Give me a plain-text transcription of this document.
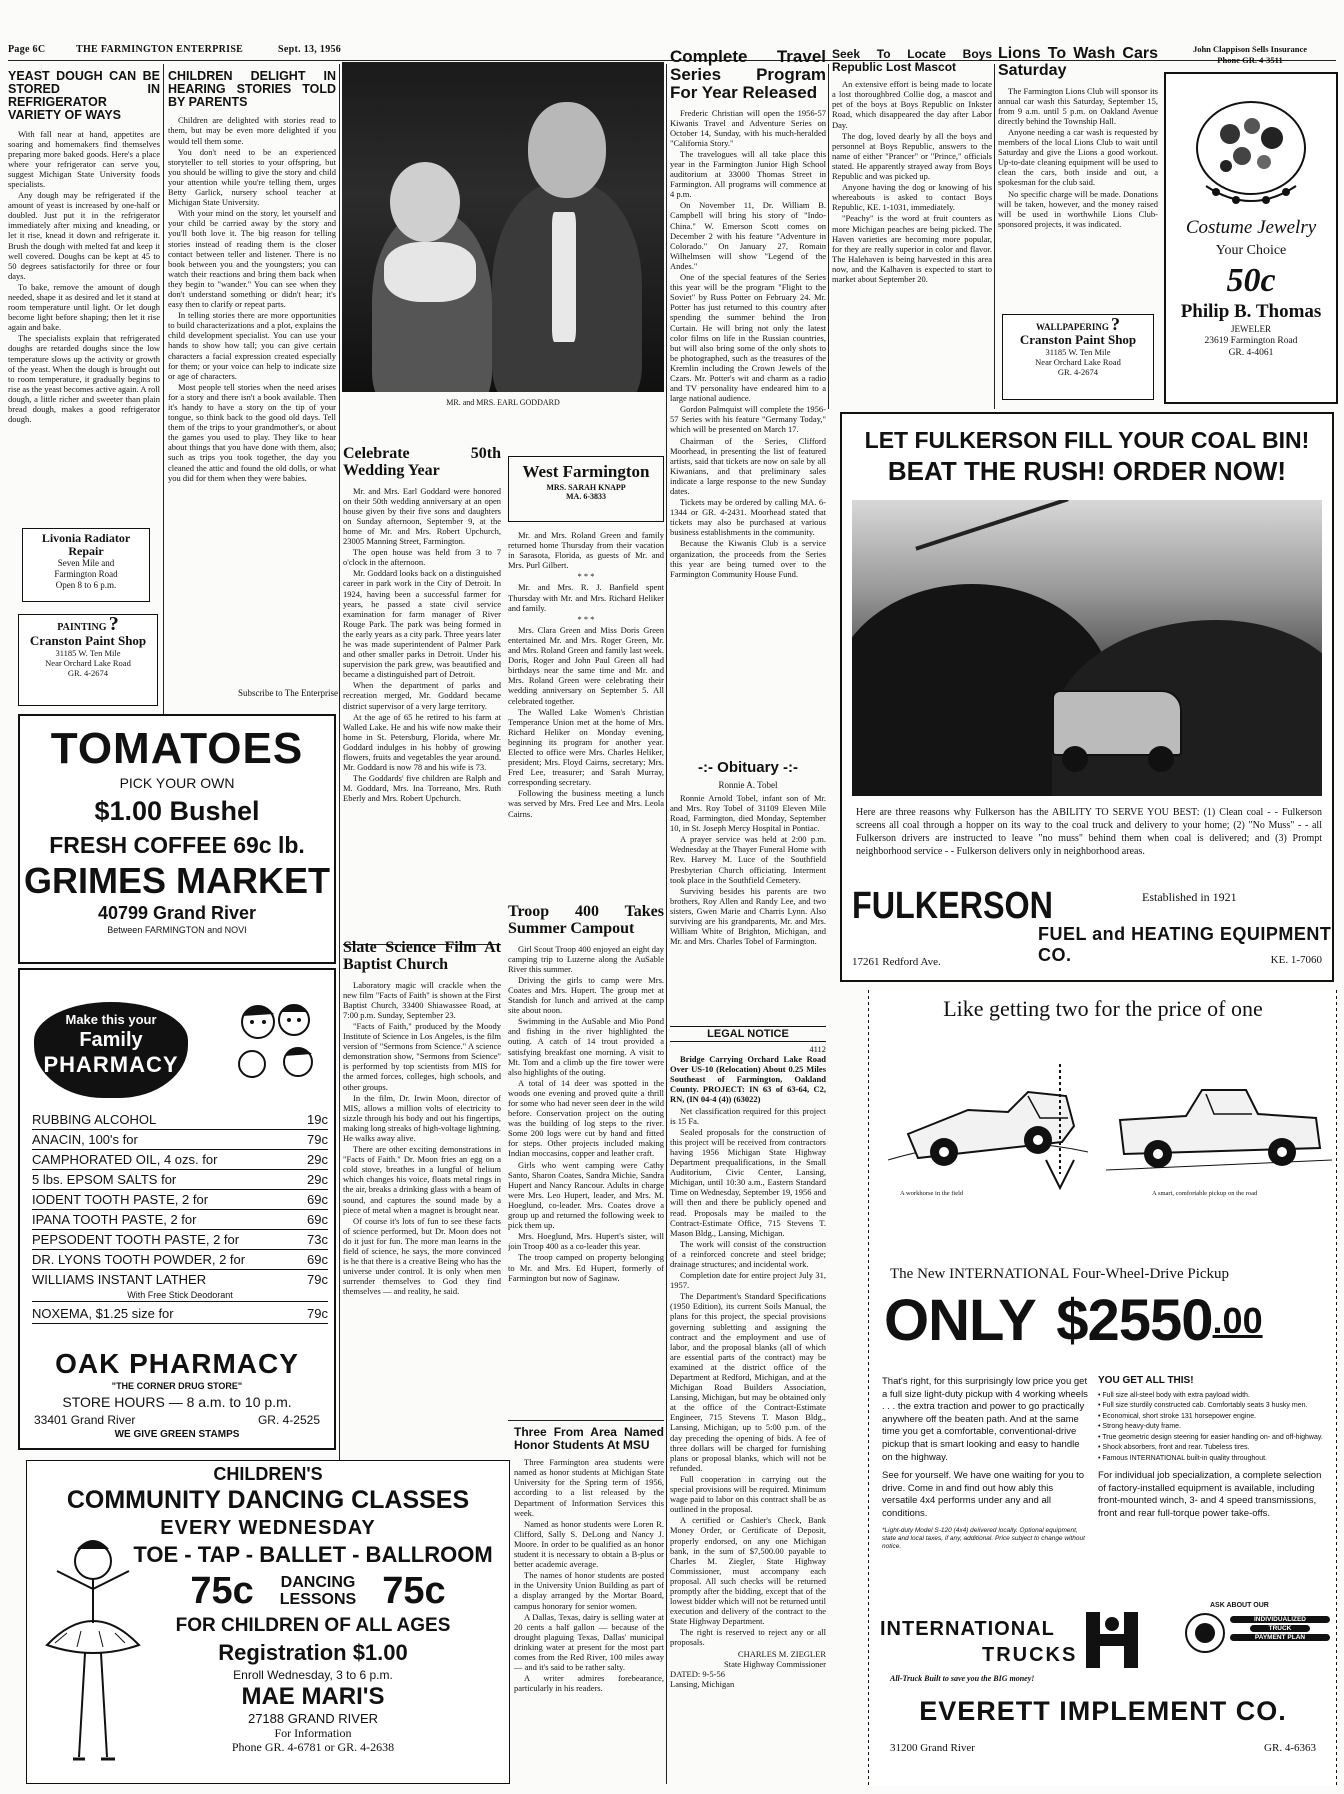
Page 6C	THE FARMINGTON ENTERPRISE	Sept. 13, 1956
YEAST DOUGH CAN BE STORED IN REFRIGERATOR VARIETY OF WAYS

With fall near at hand, appetites are soaring and homemakers find themselves preparing more baked goods. Here's a place where your refrigerator can serve you, suggest Michigan State University foods specialists.

Any dough may be refrigerated if the amount of yeast is increased by one-half or doubled. Just put it in the refrigerator immediately after mixing and kneading, or let it rise, knead it down and refrigerate it. Brush the dough with melted fat and keep it well covered. Doughs can be kept at 45 to 50 degrees satisfactorily for three or four days.

To bake, remove the amount of dough needed, shape it as desired and let it stand at room temperature until light. Or let dough become light before shaping; then let it rise again and bake.

The specialists explain that refrigerated doughs are retarded doughs since the low temperature slows up the activity or growth of the yeast. When the dough is brought out to room temperature, it gradually begins to rise as the yeast becomes active again. A roll dough, a little richer and sweeter than plain bread dough, makes a good refrigerator dough.

CHILDREN DELIGHT IN HEARING STORIES TOLD BY PARENTS

Children are delighted with stories read to them, but may be even more delighted if you would tell them some.

You don't need to be an experienced storyteller to tell stories to your offspring, but you should be willing to give the story and child your attention while you're telling them, urges Betty Garlick, nursery school teacher at Michigan State University.

With your mind on the story, let yourself and your child be carried away by the story and you'll both love it. The big reason for telling stories instead of reading them is the closer contact between teller and listener. There is no book between you and the youngsters; you can watch their reactions and bring them back when they begin to "wander." You can see when they don't understand something or didn't hear; it's easy then to clarify or repeat parts.

In telling stories there are more opportunities to build characterizations and a plot, explains the child development specialist. You can use your hands to show how tall; you can give certain characters a facial expression created especially for them; or your voice can help to indicate size or age of characters.

Most people tell stories when the need arises for a story and there isn't a book available. Then it's handy to have a story on the tip of your tongue, so think back to the good old days. Tell them of the trips to your grandmother's, or about the games you used to play. They like to hear about things that you have done with them, also; such as trips you took together, the day you cleaned the attic and found the old dolls, or what you did for them when they were babies.

Subscribe to The Enterprise
Livonia Radiator
Repair
Seven Mile and
Farmington Road
Open 8 to 6 p.m.
PAINTING ?
Cranston Paint Shop
31185 W. Ten Mile
Near Orchard Lake Road
GR. 4-2674
TOMATOES
PICK YOUR OWN
$1.00 Bushel
FRESH COFFEE 69c lb.
GRIMES MARKET
40799 Grand River
Between FARMINGTON and NOVI
Make this your
Family
PHARMACY
RUBBING ALCOHOL	19c
ANACIN, 100's for	79c
CAMPHORATED OIL, 4 ozs. for	29c
5 lbs. EPSOM SALTS for	29c
IODENT TOOTH PASTE, 2 for	69c
IPANA TOOTH PASTE, 2 for	69c
PEPSODENT TOOTH PASTE, 2 for	73c
DR. LYONS TOOTH POWDER, 2 for	69c
WILLIAMS INSTANT LATHER	79c
With Free Stick Deodorant
NOXEMA, $1.25 size for	79c
OAK PHARMACY
"THE CORNER DRUG STORE"
STORE HOURS — 8 a.m. to 10 p.m.
33401 Grand River	GR. 4-2525
WE GIVE GREEN STAMPS
CHILDREN'S
COMMUNITY DANCING CLASSES
EVERY WEDNESDAY
TOE - TAP - BALLET - BALLROOM
75c DANCING
LESSONS 75c
FOR CHILDREN OF ALL AGES
Registration $1.00
Enroll Wednesday, 3 to 6 p.m.
MAE MARI'S
27188 GRAND RIVER
For Information
Phone GR. 4-6781 or GR. 4-2638
MR. and MRS. EARL GODDARD
Celebrate 50th Wedding Year

Mr. and Mrs. Earl Goddard were honored on their 50th wedding anniversary at an open house given by their five sons and daughters on Sunday afternoon, September 9, at the home of Mr. and Mrs. Robert Upchurch, 23005 Manning Street, Farmington.

The open house was held from 3 to 7 o'clock in the afternoon.

Mr. Goddard looks back on a distinguished career in park work in the City of Detroit. In 1924, having been a successful farmer for years, he passed a state civil service examination for farm manager of River Rouge Park. The park was being formed in the early years as a city park. Three years later he was made superintendent of Palmer Park and other smaller parks in Detroit. Under his supervision the park grew, was beautified and became a distinguished part of Detroit.

When the department of parks and recreation merged, Mr. Goddard became district supervisor of a very large territory.

At the age of 65 he retired to his farm at Walled Lake. He and his wife now make their home in St. Petersburg, Florida, where Mr. Goddard indulges in his hobby of growing flowers, fruits and vegetables the year around. Mr. Goddard is now 78 and his wife is 73.

The Goddards' five children are Ralph and M. Goddard, Mrs. Ina Torreano, Mrs. Ruth Eberly and Mrs. Robert Upchurch.

Slate Science Film At Baptist Church

Laboratory magic will crackle when the new film "Facts of Faith" is shown at the First Baptist Church, 33400 Shiawassee Road, at 7:00 p.m. Sunday, September 23.

"Facts of Faith," produced by the Moody Institute of Science in Los Angeles, is the film version of "Sermons from Science." A science demonstration show, "Sermons from Science" is performed by top scientists from MIS for the armed forces, colleges, high schools, and other groups.

In the film, Dr. Irwin Moon, director of MIS, allows a million volts of electricity to sizzle through his body and out his fingertips, making long streaks of high-voltage lightning. He walks away alive.

There are other exciting demonstrations in "Facts of Faith." Dr. Moon fries an egg on a cold stove, breathes in a lungful of helium which changes his voice, floats metal rings in the air, breaks a drinking glass with a beam of sound, and captures the sound made by a piece of metal when a magnet is brought near.

Of course it's lots of fun to see these facts of science performed, but Dr. Moon does not do it just for fun. The more man learns in the field of science, he says, the more convinced is he that there is a creative Being who has the universe under control. It is only when men surrender themselves to God they find themselves — and reality, he said.

West Farmington
MRS. SARAH KNAPP
MA. 6-3833

Mr. and Mrs. Roland Green and family returned home Thursday from their vacation in Sarasota, Florida, as guests of Mr. and Mrs. Purl Gilbert.

* * *

Mr. and Mrs. R. J. Banfield spent Thursday with Mr. and Mrs. Richard Heliker and family.

* * *

Mrs. Clara Green and Miss Doris Green entertained Mr. and Mrs. Roger Green, Mr. and Mrs. Roland Green and family last week. Doris, Roger and John Paul Green all had birthdays near the same time and Mr. and Mrs. Roland Green were celebrating their wedding anniversary on September 5. All celebrated together.

The Walled Lake Women's Christian Temperance Union met at the home of Mrs. Richard Heliker on Monday evening, beginning its program for another year. Elected to office were Mrs. Charles Heliker, president; Mrs. Floyd Cairns, secretary; Mrs. Fred Lee, treasurer; and Sarah Murray, corresponding secretary.

Following the business meeting a lunch was served by Mrs. Fred Lee and Mrs. Leola Cairns.

Troop 400 Takes Summer Campout

Girl Scout Troop 400 enjoyed an eight day camping trip to Luzerne along the AuSable River this summer.

Driving the girls to camp were Mrs. Coates and Mrs. Hupert. The group met at Standish for lunch and arrived at the camp site about noon.

Swimming in the AuSable and Mio Pond and fishing in the river highlighted the outing. A catch of 14 trout provided a satisfying breakfast one morning. A visit to Mt. Tom and a climb up the fire tower were also highlights of the outing.

A total of 14 deer was spotted in the woods one evening and proved quite a thrill for some who had never seen deer in the wild before. Conservation project on the outing was the building of log steps to the river. Some 200 logs were cut by hand and fitted for steps. Other projects included making Indian moccasins, copper and leather craft.

Girls who went camping were Cathy Santo, Sharon Coates, Sandra Michie, Sandra Hupert and Nancy Rancour. Adults in charge were Mrs. Leo Hupert, leader, and Mrs. M. Hoeglund, co-leader. Mrs. Coates drove a group up and returned the following week to pick them up.

Mrs. Hoeglund, Mrs. Hupert's sister, will join Troop 400 as a co-leader this year.

The troop camped on property belonging to Mr. and Mrs. Ed Hupert, formerly of Farmington but now of Saginaw.

Three From Area Named Honor Students At MSU

Three Farmington area students were named as honor students at Michigan State University for the Spring term of 1956, according to a list released by the Department of Information Services this week.

Named as honor students were Loren R. Clifford, Sally S. DeLong and Nancy J. Moore. In order to be qualified as an honor student it is necessary to obtain a B-plus or better academic average.

The names of honor students are posted in the University Union Building as part of a display arranged by the Mortar Board, campus honorary for senior women.

A Dallas, Texas, dairy is selling water at 20 cents a half gallon — because of the drought plaguing Texas, Dallas' municipal drinking water at present for the most part comes from the Red River, 100 miles away — and it's said to be rather salty.

A writer admires forebearance, particularly in his readers.

Complete Travel Series Program For Year Released

Frederic Christian will open the 1956-57 Kiwanis Travel and Adventure Series on October 14, Sunday, with his much-heralded "California Story."

The travelogues will all take place this year in the Farmington Junior High School auditorium at 33000 Thomas Street in Farmington. All programs will commence at 4 p.m.

On November 11, Dr. William B. Campbell will bring his story of "Indo-China." W. Emerson Scott comes on December 2 with his feature "Adventure in Colorado." On January 27, Romain Wilhelmsen will show "Legend of the Andes."

One of the special features of the Series this year will be the program "Flight to the Soviet" by Russ Potter on February 24. Mr. Potter has just returned to this country after spending the summer behind the Iron Curtain. He will bring not only the latest color films on life in the Russian countries, but will also bring some of the only shots to be photographed, such as the treasures of the Kremlin including the Crown Jewels of the Czars. Mr. Potter's wit and charm as a radio and TV personality have endeared him to a large national audience.

Gordon Palmquist will complete the 1956-57 Series with his feature "Germany Today," which will be presented on March 17.

Chairman of the Series, Clifford Moorhead, in presenting the list of featured artists, said that tickets are now on sale by all Kiwanians, and that preliminary sales indicate a large response to the new Sunday dates.

Tickets may be ordered by calling MA. 6-1344 or GR. 4-2431. Moorhead stated that tickets may also be purchased at various business establishments in the community.

Because the Kiwanis Club is a service organization, the proceeds from the Series this year are being turned over to the Farmington Community House Fund.

-:- Obituary -:-
Ronnie A. Tobel

Ronnie Arnold Tobel, infant son of Mr. and Mrs. Roy Tobel of 31109 Eleven Mile Road, Farmington, died Monday, September 10, in St. Joseph Mercy Hospital in Pontiac.

A prayer service was held at 2:00 p.m. Wednesday at the Thayer Funeral Home with Rev. Harvey M. Luce of the Southfield Presbyterian Church officiating. Interment took place in the Southfield Cemetery.

Surviving besides his parents are two brothers, Roy Allen and Randy Lee, and two sisters, Gwen Marie and Charris Lynn. Also surviving are his grandparents, Mr. and Mrs. William White of Brighton, Michigan, and Mr. and Mrs. Charles Tobel of Farmington.

LEGAL NOTICE
4112

Bridge Carrying Orchard Lake Road Over US-10 (Relocation) About 0.25 Miles Southeast of Farmington, Oakland County. PROJECT: IN 63 of 63-64, C2, RN, (IN 04-4 (4)) (63022)

Net classification required for this project is 15 Fa.

Sealed proposals for the construction of this project will be received from contractors having 1956 Michigan State Highway Department prequalifications, in the Small Auditorium, Civic Center, Lansing, Michigan, until 10:30 a.m., Eastern Standard Time on Wednesday, September 19, 1956 and will then and there be publicly opened and read. Proposals may be mailed to the Contract-Estimate Office, 715 Stevens T. Mason Bldg., Lansing, Michigan.

The work will consist of the construction of a reinforced concrete and steel bridge; drainage structures; and incidental work.

Completion date for entire project July 31, 1957.

The Department's Standard Specifications (1950 Edition), its current Soils Manual, the plans for this project, the special provisions governing subletting and assigning the contract and the employment and use of labor, and the proposal blanks (all of which are essential parts of the contract) may be examined at the district office of the Department at Redford, Michigan, and at the Michigan Road Builders Association, Lansing, Michigan, but may be obtained only at the office of the Contract-Estimate Engineer, 715 Stevens T. Mason Bldg., Lansing, Michigan, up to 5:00 p.m. of the day preceding the opening of bids. A fee of three dollars will be charged for furnishing plans or proposal blanks, which will not be refunded.

Full cooperation in carrying out the special provisions will be required. Minimum wage paid to labor on this contract shall be as outlined in the proposal.

A certified or Cashier's Check, Bank Money Order, or Certificate of Deposit, properly endorsed, on any one Michigan bank, in the sum of $7,500.00 payable to Charles M. Ziegler, State Highway Commissioner, must accompany each proposal. All such checks will be returned promptly after the bidding, except that of the lowest bidder which will not be returned until execution and delivery of the contract to the State Highway Department.

The right is reserved to reject any or all proposals.

CHARLES M. ZIEGLER
State Highway Commissioner
DATED: 9-5-56
Lansing, Michigan
Seek To Locate Boys Republic Lost Mascot

An extensive effort is being made to locate a lost thoroughbred Collie dog, a mascot and pet of the boys at Boys Republic on Inkster Road, which disappeared the day after Labor Day.

The dog, loved dearly by all the boys and personnel at Boys Republic, answers to the name of either "Prancer" or "Prince," officials stated. He apparently strayed away from Boys Republic and was picked up.

Anyone having the dog or knowing of his whereabouts is asked to contact Boys Republic, KE. 1-1031, immediately.

"Peachy" is the word at fruit counters as more Michigan peaches are being picked. The Haven varieties are becoming more popular, for they are really superior in color and flavor. The Halehaven is being harvested in this area now, and the Kalhaven is expected to start to market about September 20.

Lions To Wash Cars Saturday

The Farmington Lions Club will sponsor its annual car wash this Saturday, September 15, from 9 a.m. until 5 p.m. on Oakland Avenue directly behind the Township Hall.

Anyone needing a car wash is requested by members of the local Lions Club to wait until Saturday and give the Lions a good workout. Up-to-date cleaning equipment will be used to clean the cars, both inside and out, a spokesman for the club said.

No specific charge will be made. Donations will be taken, however, and the money raised will be used in worthwhile Lions Club-sponsored projects, it was indicated.

WALLPAPERING ?
Cranston Paint Shop
31185 W. Ten Mile
Near Orchard Lake Road
GR. 4-2674
John Clappison Sells Insurance
Phone GR. 4-3511
Costume Jewelry
Your Choice
50c
Philip B. Thomas
JEWELER
23619 Farmington Road
GR. 4-4061
LET FULKERSON FILL YOUR COAL BIN!
BEAT THE RUSH! ORDER NOW!
Here are three reasons why Fulkerson has the ABILITY TO SERVE YOU BEST: (1) Clean coal - - Fulkerson screens all coal through a hopper on its way to the coal truck and delivery to your home; (2) "No Muss" - - all Fulkerson drivers are instructed to leave "no muss" behind them when coal is delivered; and (3) Prompt neighborhood service - - Fulkerson delivers only in neighborhood areas.
FULKERSON	Established in 1921
FUEL and HEATING EQUIPMENT CO.
17261 Redford Ave.	KE. 1-7060
Like getting two for the price of one
A workhorse in the field	A smart, comfortable pickup on the road
The New INTERNATIONAL Four-Wheel-Drive Pickup
ONLY $2550.00
That's right, for this surprisingly low price you get a full size light-duty pickup with 4 working wheels . . . the extra traction and power to go practically anywhere off the beaten path. And at the same time you get a comfortable, conventional-drive pickup that is smart looking and easy to handle on the highway.
See for yourself. We have one waiting for you to drive. Come in and find out how ably this versatile 4x4 performs under any and all conditions.
*Light-duty Model S-120 (4x4) delivered locally. Optional equipment, state and local taxes, if any, additional. Price subject to change without notice.
YOU GET ALL THIS!
• Full size all-steel body with extra payload width.
• Full size sturdily constructed cab. Comfortably seats 3 husky men.
• Economical, short stroke 131 horsepower engine.
• Strong heavy-duty frame.
• True geometric design steering for easier handling on- and off-highway.
• Shock absorbers, front and rear. Tubeless tires.
• Famous INTERNATIONAL built-in quality throughout.
For individual job specialization, a complete selection of factory-installed equipment is available, including front-mounted winch, 3- and 4 speed transmissions, front and rear full-torque power take-offs.
INTERNATIONAL
TRUCKS
All-Truck Built to save you the BIG money!
ASK ABOUT OUR
INDIVIDUALIZED
TRUCK
PAYMENT PLAN
EVERETT IMPLEMENT CO.
31200 Grand River	GR. 4-6363
